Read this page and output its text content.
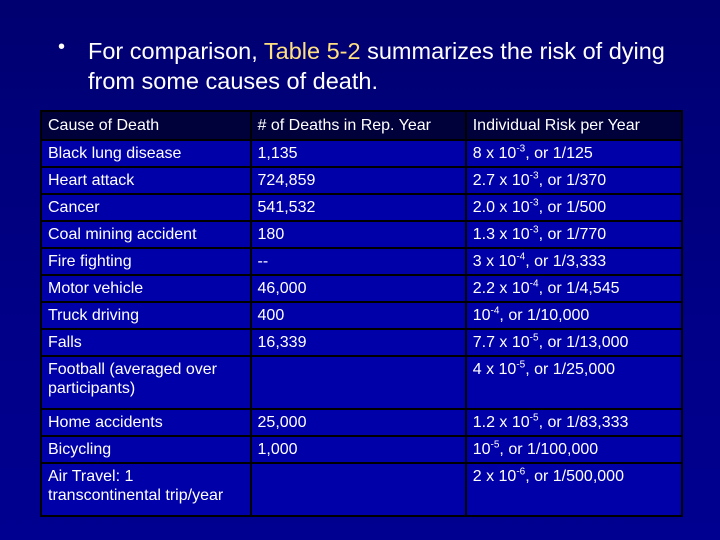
For comparison, Table 5-2 summarizes the risk of dying from some causes of death.
•
Cause of Death	# of Deaths in Rep. Year	Individual Risk per Year
Black lung disease	1,135	8 x $10^{-3}$, or 1/125
Heart attack	724,859	2.7 x $10^{-3}$, or 1/370
Cancer	541,532	2.0 x $10^{-3}$, or 1/500
Coal mining accident	180	1.3 x $10^{-3}$, or 1/770
Fire fighting	--	3 x $10^{-4}$, or 1/3,333
Motor vehicle	46,000	2.2 x $10^{-4}$, or 1/4,545
Truck driving	400	$10^{-4}$, or 1/10,000
Falls	16,339	7.7 x $10^{-5}$, or 1/13,000
Football (averaged over participants)		4 x $10^{-5}$, or 1/25,000
Home accidents	25,000	1.2 x $10^{-5}$, or 1/83,333
Bicycling	1,000	$10^{-5}$, or 1/100,000
Air Travel: 1 transcontinental trip/year		2 x $10^{-6}$, or 1/500,000
